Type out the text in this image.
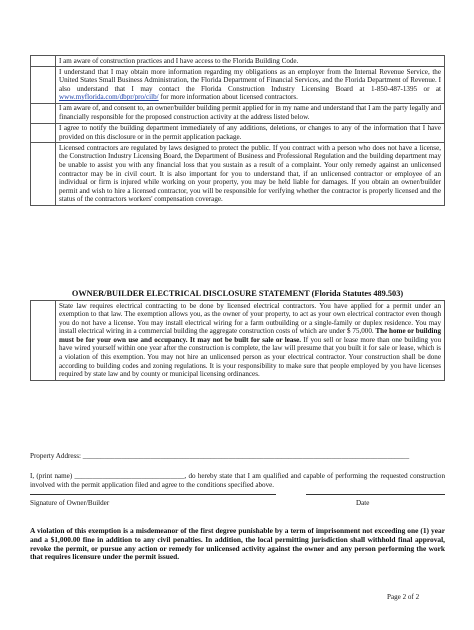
	I am aware of construction practices and I have access to the Florida Building Code.
	I understand that I may obtain more information regarding my obligations as an employer from the Internal Revenue Service, the United States Small Business Administration, the Florida Department of Financial Services, and the Florida Department of Revenue. I also understand that I may contact the Florida Construction Industry Licensing Board at 1-850-487-1395 or at www.myflorida.com/dbpr/pro/cilb/ for more information about licensed contractors.
	I am aware of, and consent to, an owner/builder building permit applied for in my name and understand that I am the party legally and financially responsible for the proposed construction activity at the address listed below.
	I agree to notify the building department immediately of any additions, deletions, or changes to any of the information that I have provided on this disclosure or in the permit application package.
	Licensed contractors are regulated by laws designed to protect the public. If you contract with a person who does not have a license, the Construction Industry Licensing Board, the Department of Business and Professional Regulation and the building department may be unable to assist you with any financial loss that you sustain as a result of a complaint. Your only remedy against an unlicensed contractor may be in civil court. It is also important for you to understand that, if an unlicensed contractor or employee of an individual or firm is injured while working on your property, you may be held liable for damages. If you obtain an owner/builder permit and wish to hire a licensed contractor, you will be responsible for verifying whether the contractor is properly licensed and the status of the contractors workers' compensation coverage.
OWNER/BUILDER ELECTRICAL DISCLOSURE STATEMENT (Florida Statutes 489.503)
	State law requires electrical contracting to be done by licensed electrical contractors. You have applied for a permit under an exemption to that law. The exemption allows you, as the owner of your property, to act as your own electrical contractor even though you do not have a license. You may install electrical wiring for a farm outbuilding or a single-family or duplex residence. You may install electrical wiring in a commercial building the aggregate construction costs of which are under $ 75,000. The home or building must be for your own use and occupancy. It may not be built for sale or lease. If you sell or lease more than one building you have wired yourself within one year after the construction is complete, the law will presume that you built it for sale or lease, which is a violation of this exemption. You may not hire an unlicensed person as your electrical contractor. Your construction shall be done according to building codes and zoning regulations. It is your responsibility to make sure that people employed by you have licenses required by state law and by county or municipal licensing ordinances.
Property Address: ____________________________________________________________________________________________
I, (print name) _______________________________, do hereby state that I am qualified and capable of performing the requested construction involved with the permit application filed and agree to the conditions specified above.
Signature of Owner/Builder	Date
A violation of this exemption is a misdemeanor of the first degree punishable by a term of imprisonment not exceeding one (1) year and a $1,000.00 fine in addition to any civil penalties. In addition, the local permitting jurisdiction shall withhold final approval, revoke the permit, or pursue any action or remedy for unlicensed activity against the owner and any person performing the work that requires licensure under the permit issued.
Page 2 of 2
